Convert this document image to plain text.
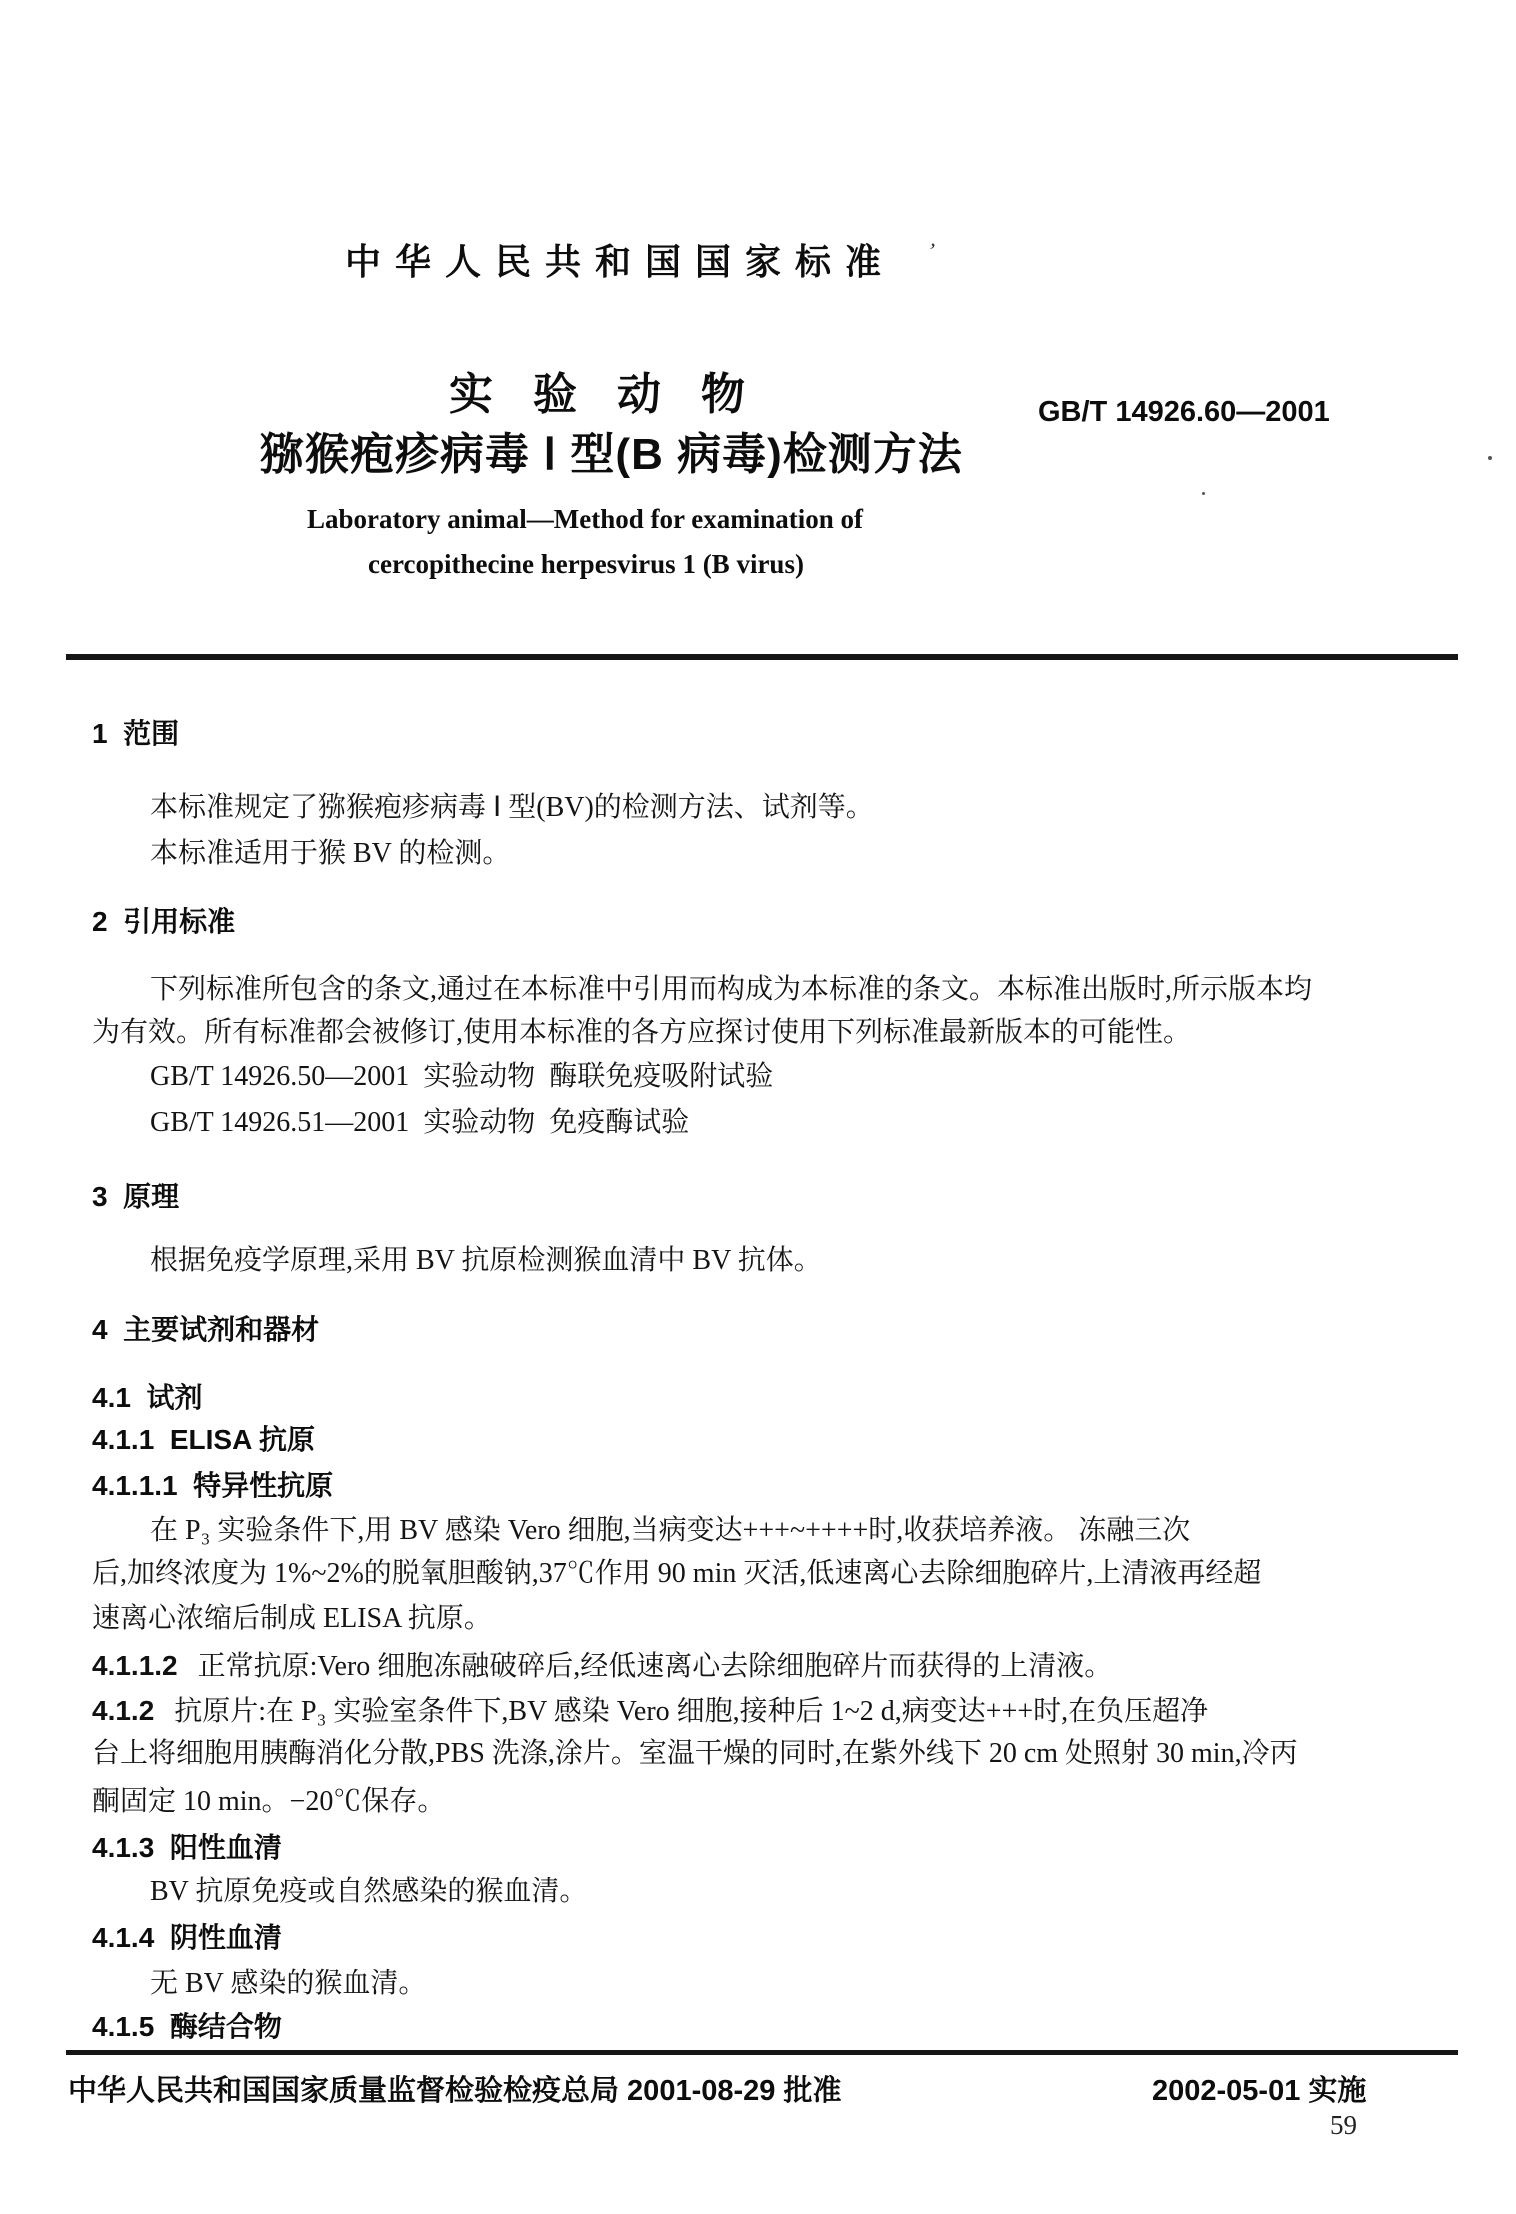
中华人民共和国国家标准 ’
实验动物
猕猴疱疹病毒 Ⅰ 型(B 病毒)检测方法
GB/T 14926.60—2001
Laboratory animal—Method for examination of
cercopithecine herpesvirus 1 (B virus)
1  范围
本标准规定了猕猴疱疹病毒 Ⅰ 型(BV)的检测方法、试剂等。
本标准适用于猴 BV 的检测。
2  引用标准
下列标准所包含的条文,通过在本标准中引用而构成为本标准的条文。本标准出版时,所示版本均
为有效。所有标准都会被修订,使用本标准的各方应探讨使用下列标准最新版本的可能性。
GB/T 14926.50—2001  实验动物  酶联免疫吸附试验
GB/T 14926.51—2001  实验动物  免疫酶试验
3  原理
根据免疫学原理,采用 BV 抗原检测猴血清中 BV 抗体。
4  主要试剂和器材
4.1  试剂
4.1.1  ELISA 抗原
4.1.1.1  特异性抗原
在 P₃ 实验条件下,用 BV 感染 Vero 细胞,当病变达+++~++++时,收获培养液。 冻融三次
后,加终浓度为 1%~2%的脱氧胆酸钠,37℃作用 90 min 灭活,低速离心去除细胞碎片,上清液再经超
速离心浓缩后制成 ELISA 抗原。
4.1.1.2 正常抗原:Vero 细胞冻融破碎后,经低速离心去除细胞碎片而获得的上清液。
4.1.2 抗原片:在 P₃ 实验室条件下,BV 感染 Vero 细胞,接种后 1~2 d,病变达+++时,在负压超净
台上将细胞用胰酶消化分散,PBS 洗涤,涂片。室温干燥的同时,在紫外线下 20 cm 处照射 30 min,冷丙
酮固定 10 min。−20℃保存。
4.1.3  阳性血清
BV 抗原免疫或自然感染的猴血清。
4.1.4  阴性血清
无 BV 感染的猴血清。
4.1.5  酶结合物
中华人民共和国国家质量监督检验检疫总局 2001-08-29 批准	2002-05-01 实施
59
